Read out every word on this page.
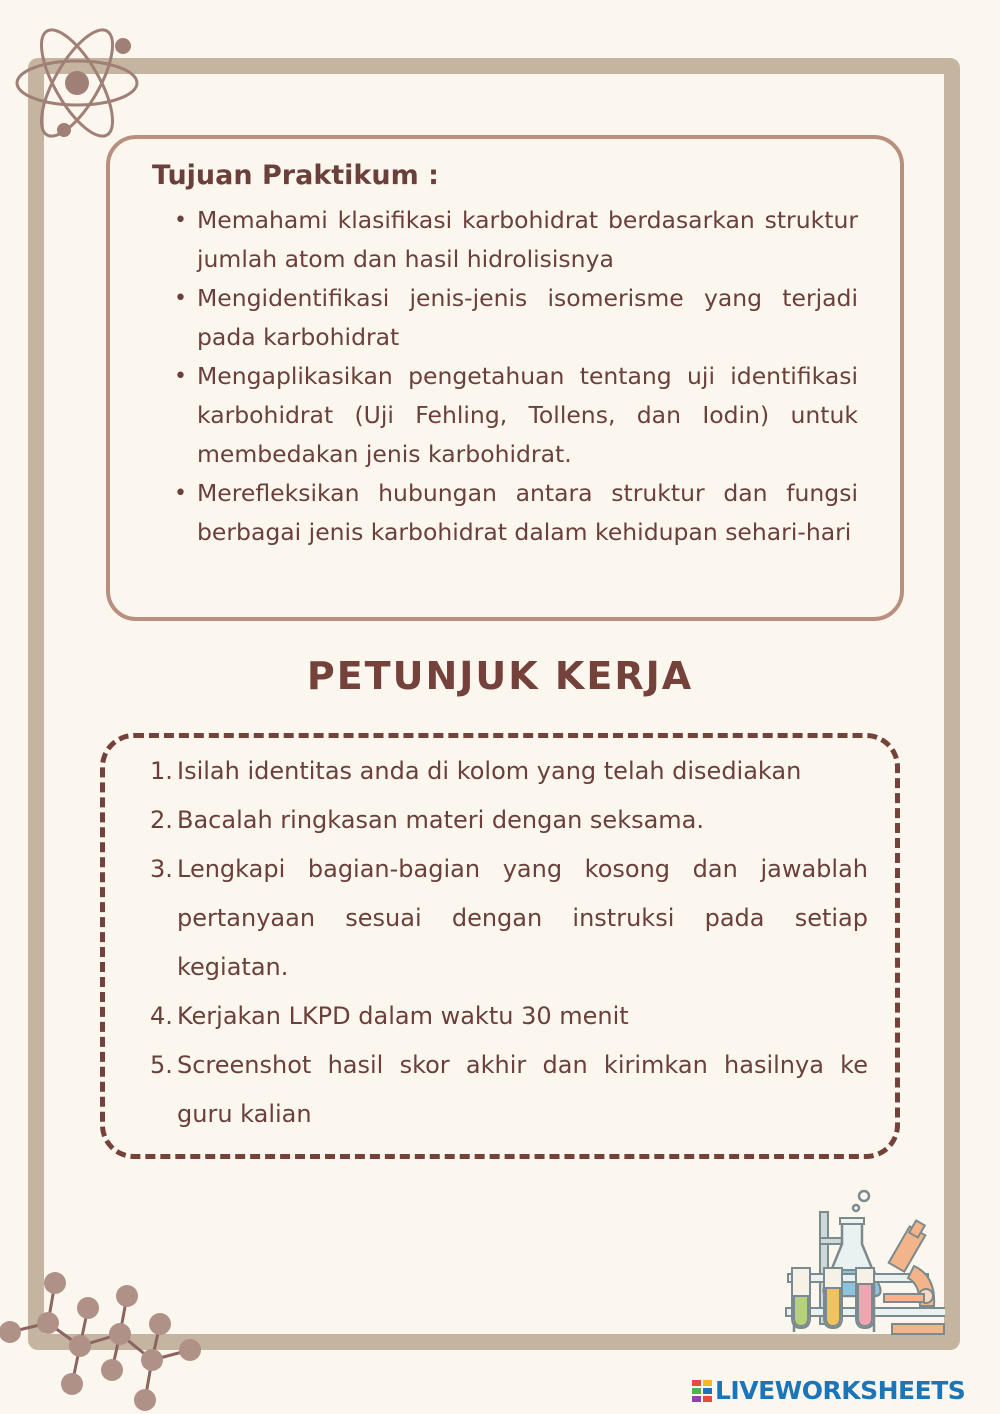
Tujuan Praktikum :
• Memahami klasifikasi karbohidrat berdasarkan struktur jumlah atom dan hasil hidrolisisnya
• Mengidentifikasi jenis-jenis isomerisme yang terjadi pada karbohidrat
• Mengaplikasikan pengetahuan tentang uji identifikasi karbohidrat (Uji Fehling, Tollens, dan Iodin) untuk membedakan jenis karbohidrat.
• Merefleksikan hubungan antara struktur dan fungsi berbagai jenis karbohidrat dalam kehidupan sehari-hari
PETUNJUK KERJA
1. Isilah identitas anda di kolom yang telah disediakan
2. Bacalah ringkasan materi dengan seksama.
3. Lengkapi bagian-bagian yang kosong dan jawablah pertanyaan sesuai dengan instruksi pada setiap kegiatan.
4. Kerjakan LKPD dalam waktu 30 menit
5. Screenshot hasil skor akhir dan kirimkan hasilnya ke guru kalian
LIVEWORKSHEETS
